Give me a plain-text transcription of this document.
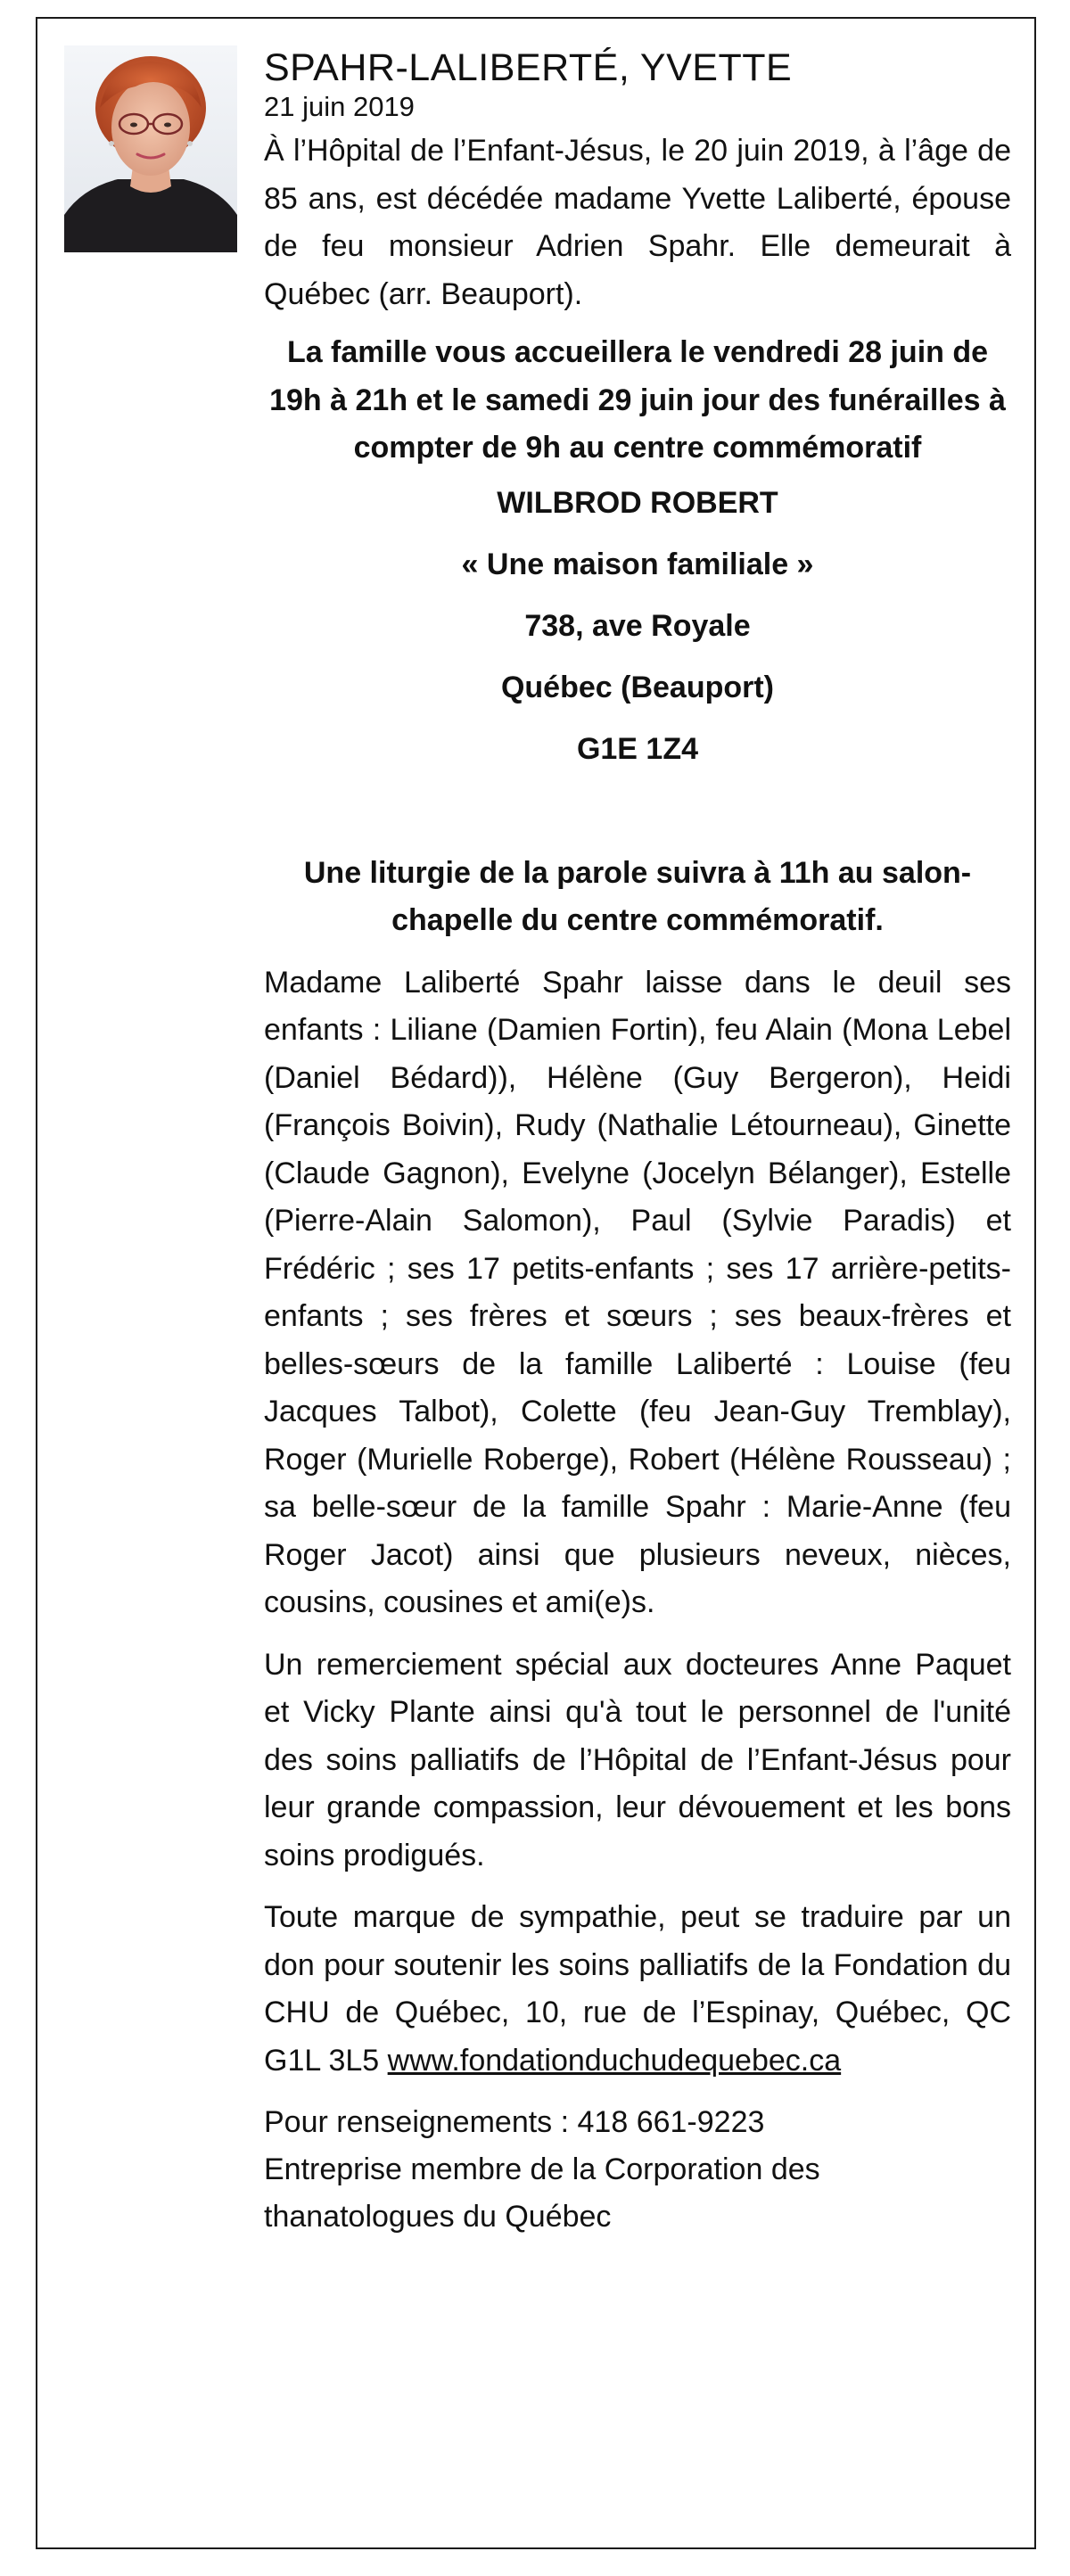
SPAHR-LALIBERTÉ, YVETTE
21 juin 2019

À l’Hôpital de l’Enfant-Jésus, le 20 juin 2019, à l’âge de 85 ans, est décédée madame Yvette Laliberté, épouse de feu monsieur Adrien Spahr. Elle demeurait à Québec (arr. Beauport).

La famille vous accueillera le vendredi 28 juin de 19h à 21h et le samedi 29 juin jour des funérailles à compter de 9h au centre commémoratif

WILBROD ROBERT

« Une maison familiale »

738, ave Royale

Québec (Beauport)

G1E 1Z4

Une liturgie de la parole suivra à 11h au salon-chapelle du centre commémoratif.

Madame Laliberté Spahr laisse dans le deuil ses enfants : Liliane (Damien Fortin), feu Alain (Mona Lebel (Daniel Bédard)), Hélène (Guy Bergeron), Heidi (François Boivin), Rudy (Nathalie Létourneau), Ginette (Claude Gagnon), Evelyne (Jocelyn Bélanger), Estelle (Pierre-Alain Salomon), Paul (Sylvie Paradis) et Frédéric ; ses 17 petits-enfants ; ses 17 arrière-petits-enfants ; ses frères et sœurs ; ses beaux-frères et belles-sœurs de la famille Laliberté : Louise (feu Jacques Talbot), Colette (feu Jean-Guy Tremblay), Roger (Murielle Roberge), Robert (Hélène Rousseau) ; sa belle-sœur de la famille Spahr : Marie-Anne (feu Roger Jacot) ainsi que plusieurs neveux, nièces, cousins, cousines et ami(e)s.

Un remerciement spécial aux docteures Anne Paquet et Vicky Plante ainsi qu'à tout le personnel de l'unité des soins palliatifs de l’Hôpital de l’Enfant-Jésus pour leur grande compassion, leur dévouement et les bons soins prodigués.

Toute marque de sympathie, peut se traduire par un don pour soutenir les soins palliatifs de la Fondation du CHU de Québec, 10, rue de l’Espinay, Québec, QC G1L 3L5 www.fondationduchudequebec.ca

Pour renseignements : 418 661-9223

Entreprise membre de la Corporation des

thanatologues du Québec
